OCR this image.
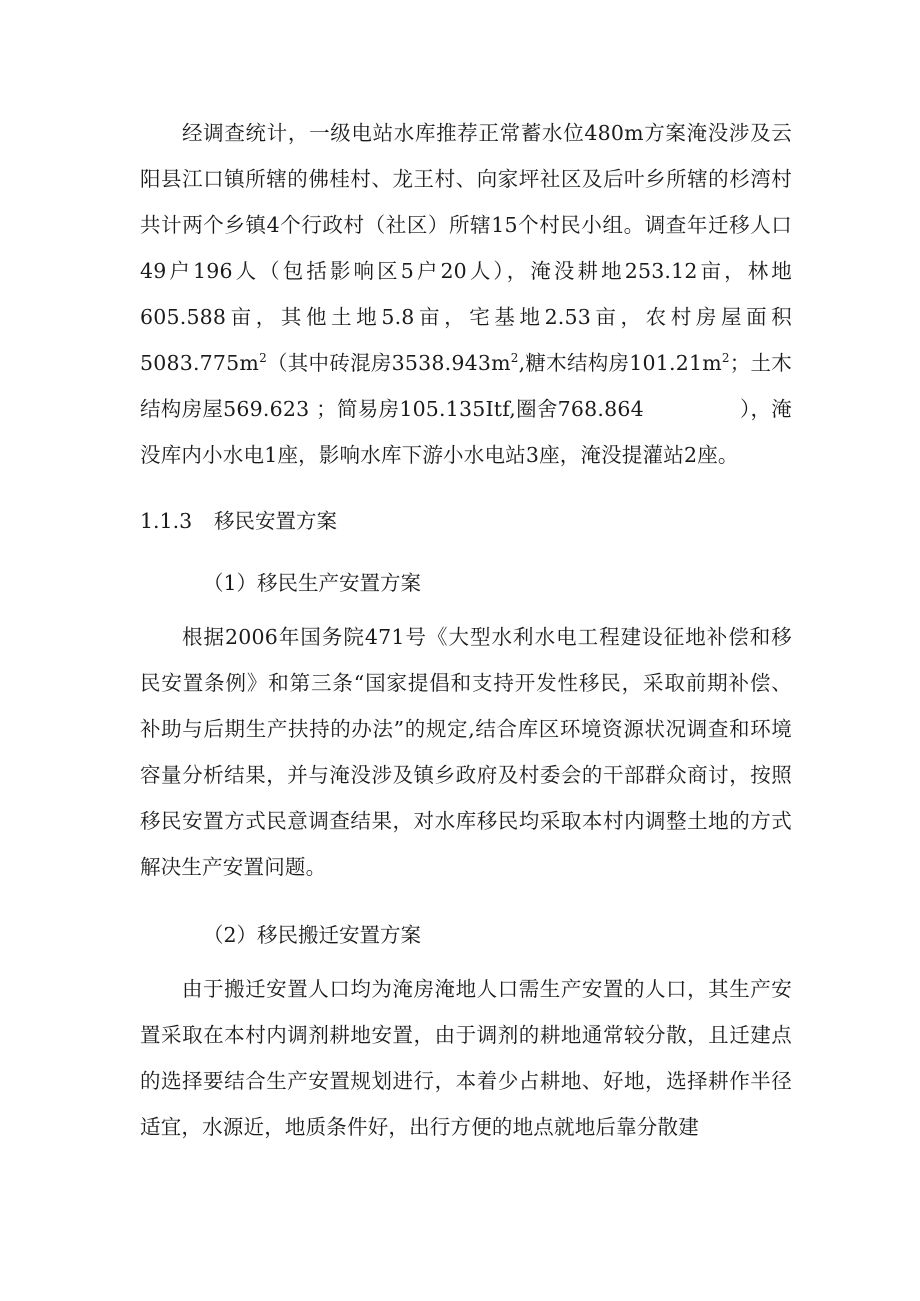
经调查统计，一级电站水库推荐正常蓄水位480m方案淹没涉及云阳县江口镇所辖的佛桂村、龙王村、向家坪社区及后叶乡所辖的杉湾村共计两个乡镇4个行政村（社区）所辖15个村民小组。调查年迁移人口49户196人（包括影响区5户20人），淹没耕地253.12亩，林地605.588亩，其他土地5.8亩，宅基地2.53亩，农村房屋面积$5083.775m^2$（其中砖混房$3538.943m^2$,糖木结构房$101.21m^2$；土木结构房屋569.623 ；简易房105.135Itf,圈舍768.864	），淹没库内小水电1座，影响水库下游小水电站3座，淹没提灌站2座。

1.1.3 移民安置方案

（1）移民生产安置方案

根据2006年国务院471号《大型水利水电工程建设征地补偿和移民安置条例》和第三条“国家提倡和支持开发性移民，采取前期补偿、补助与后期生产扶持的办法”的规定,结合库区环境资源状况调查和环境容量分析结果，并与淹没涉及镇乡政府及村委会的干部群众商讨，按照移民安置方式民意调查结果，对水库移民均采取本村内调整土地的方式解决生产安置问题。

（2）移民搬迁安置方案

由于搬迁安置人口均为淹房淹地人口需生产安置的人口，其生产安置采取在本村内调剂耕地安置，由于调剂的耕地通常较分散，且迁建点的选择要结合生产安置规划进行，本着少占耕地、好地，选择耕作半径适宜，水源近，地质条件好，出行方便的地点就地后靠分散建
